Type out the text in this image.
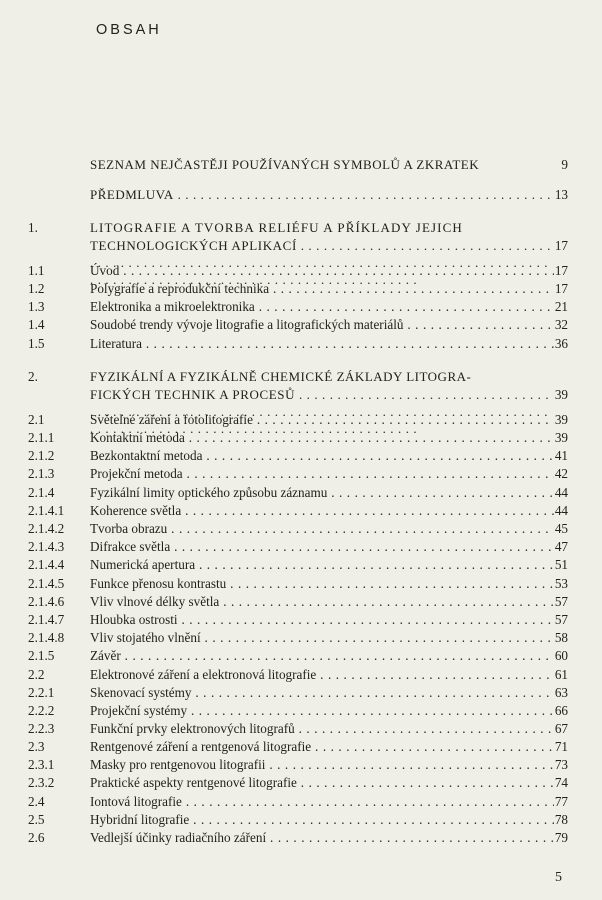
OBSAH
SEZNAM NEJČASTĚJI POUŽÍVANÝCH SYMBOLŮ A ZKRATEK	9
PŘEDMLUVA . . .	13
1.	LITOGRAFIE A TVORBA RELIÉFU A PŘÍKLADY JEJICH
TECHNOLOGICKÝCH APLIKACÍ . . .	17
1.1	Úvod . . .	17
1.2	Polygrafie a reprodukční technika . . .	17
1.3	Elektronika a mikroelektronika . . .	21
1.4	Soudobé trendy vývoje litografie a litografických materiálů . . .	32
1.5	Literatura . . .	36
2.	FYZIKÁLNÍ A FYZIKÁLNĚ CHEMICKÉ ZÁKLADY LITOGRA-
FICKÝCH TECHNIK A PROCESŮ . . .	39
2.1	Světelné záření a fotolitografie . . .	39
2.1.1	Kontaktní metoda . . .	39
2.1.2	Bezkontaktní metoda . . .	41
2.1.3	Projekční metoda . . .	42
2.1.4	Fyzikální limity optického způsobu záznamu . . .	44
2.1.4.1 Koherence světla . . .	44
2.1.4.2 Tvorba obrazu . . .	45
2.1.4.3 Difrakce světla . . .	47
2.1.4.4 Numerická apertura . . .	51
2.1.4.5 Funkce přenosu kontrastu . . .	53
2.1.4.6 Vliv vlnové délky světla . . .	57
2.1.4.7 Hloubka ostrosti . . .	57
2.1.4.8 Vliv stojatého vlnění . . .	58
2.1.5	Závěr . . .	60
2.2	Elektronové záření a elektronová litografie . . .	61
2.2.1	Skenovací systémy . . .	63
2.2.2	Projekční systémy . . .	66
2.2.3	Funkční prvky elektronových litografů . . .	67
2.3	Rentgenové záření a rentgenová litografie . . .	71
2.3.1	Masky pro rentgenovou litografii . . .	73
2.3.2	Praktické aspekty rentgenové litografie . . .	74
2.4	Iontová litografie . . .	77
2.5	Hybridní litografie . . .	78
2.6	Vedlejší účinky radiačního záření . . .	79
5
